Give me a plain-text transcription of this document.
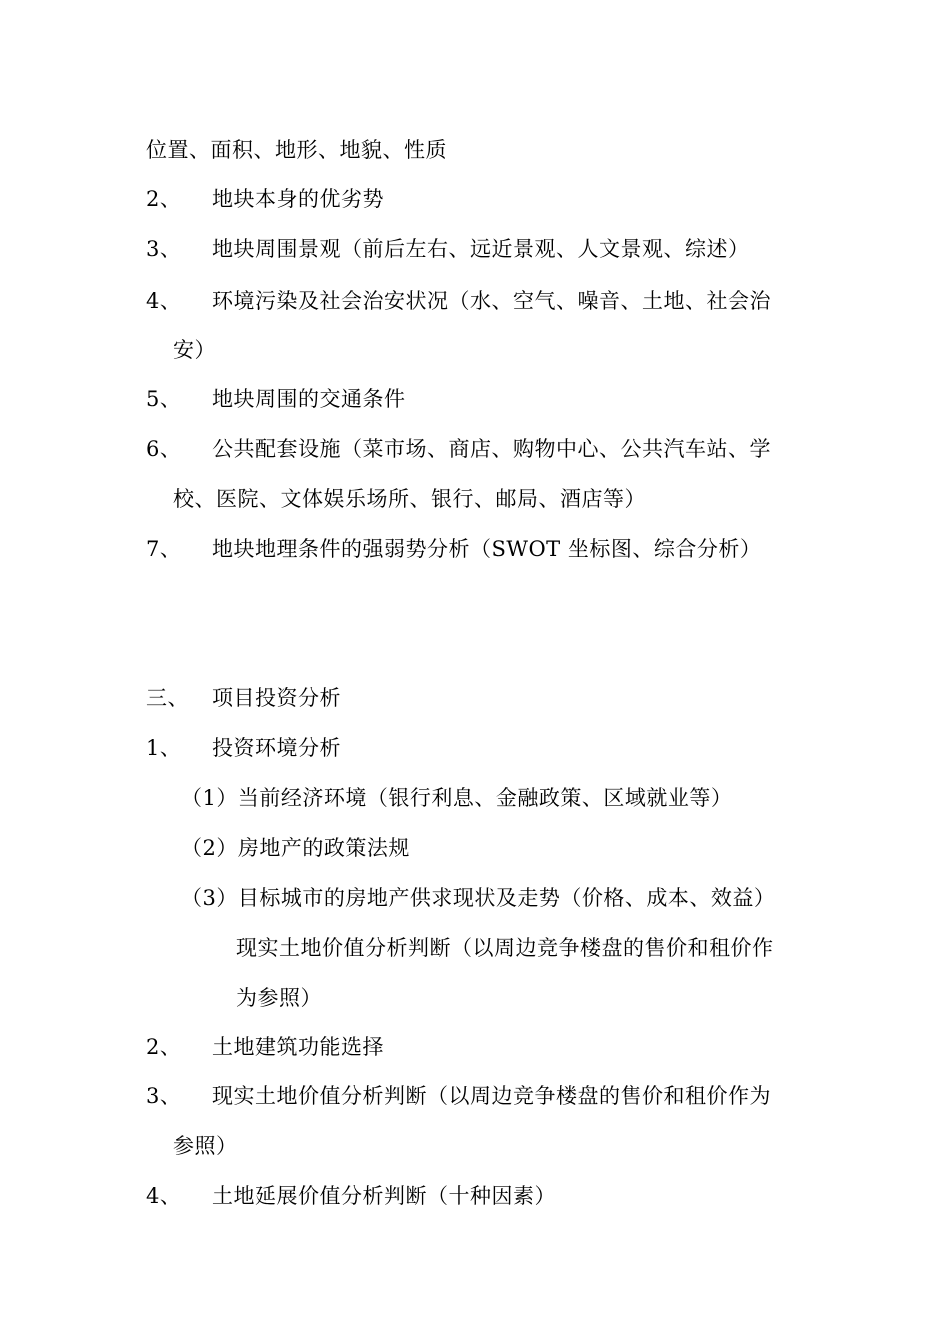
位置、面积、地形、地貌、性质
2、 地块本身的优劣势
3、 地块周围景观（前后左右、远近景观、人文景观、综述）
4、 环境污染及社会治安状况（水、空气、噪音、土地、社会治
安）
5、 地块周围的交通条件
6、 公共配套设施（菜市场、商店、购物中心、公共汽车站、学
校、医院、文体娱乐场所、银行、邮局、酒店等）
7、 地块地理条件的强弱势分析（SWOT 坐标图、综合分析）
三、 项目投资分析
1、 投资环境分析
（1）当前经济环境（银行利息、金融政策、区域就业等）
（2）房地产的政策法规
（3）目标城市的房地产供求现状及走势（价格、成本、效益）
现实土地价值分析判断（以周边竞争楼盘的售价和租价作
为参照）
2、 土地建筑功能选择
3、 现实土地价值分析判断（以周边竞争楼盘的售价和租价作为
参照）
4、 土地延展价值分析判断（十种因素）
